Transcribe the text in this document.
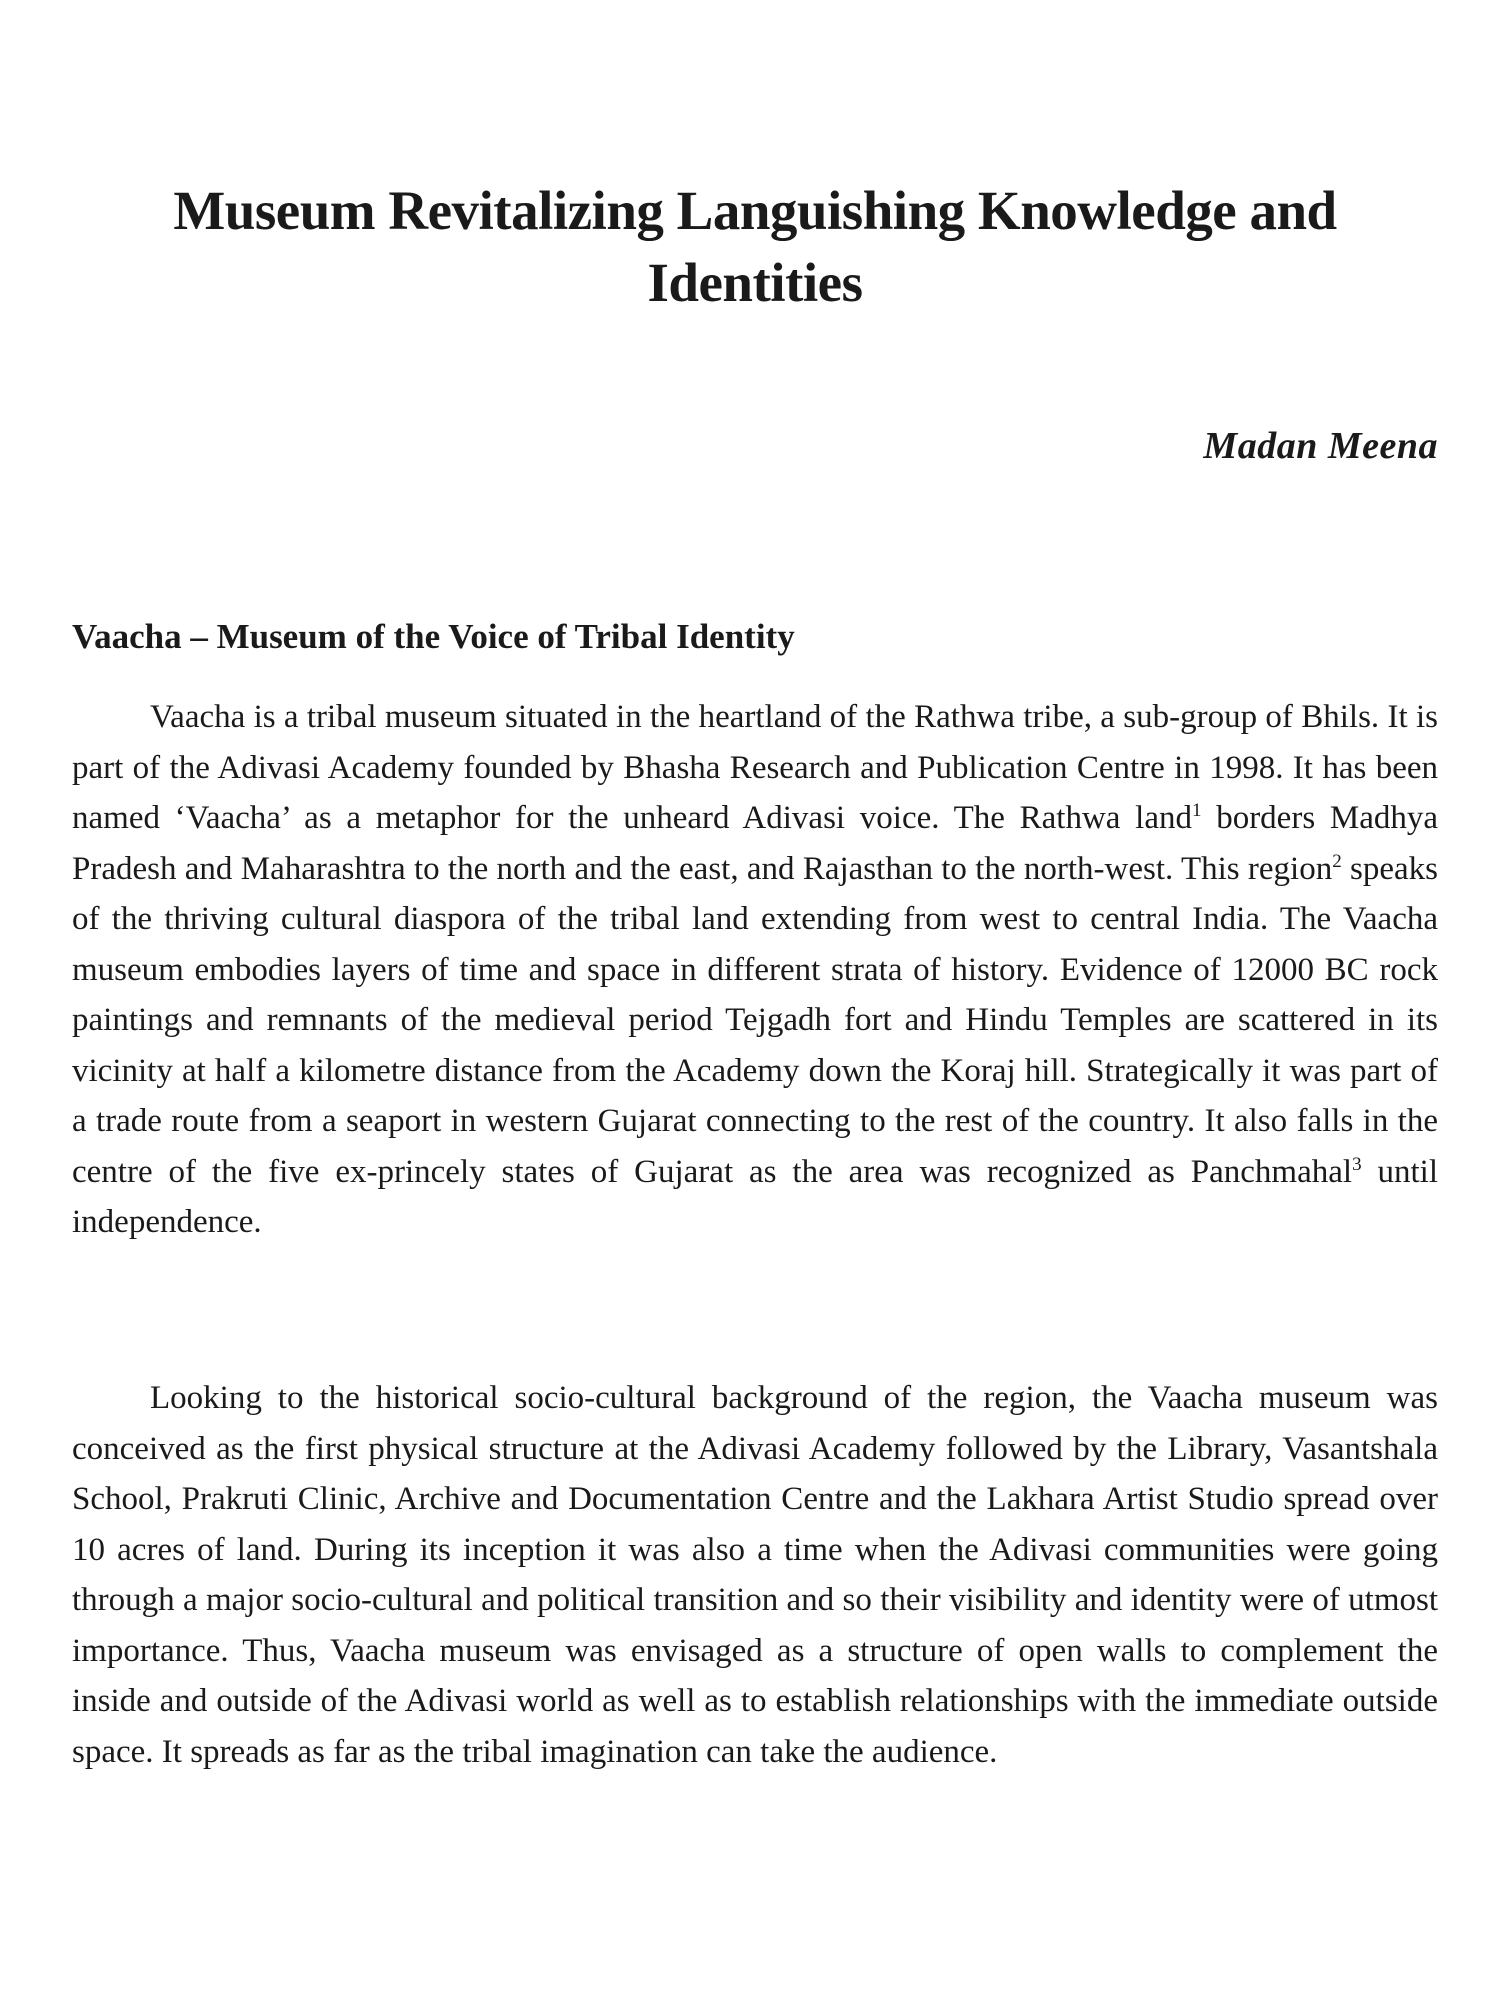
Museum Revitalizing Languishing Knowledge and Identities

Madan Meena

Vaacha – Museum of the Voice of Tribal Identity

Vaacha is a tribal museum situated in the heartland of the Rathwa tribe, a sub-group of Bhils. It is part of the Adivasi Academy founded by Bhasha Research and Publication Centre in 1998. It has been named ‘Vaacha’ as a metaphor for the unheard Adivasi voice. The Rathwa land$^1$ borders Madhya Pradesh and Maharashtra to the north and the east, and Rajasthan to the north-west. This region$^2$ speaks of the thriving cultural diaspora of the tribal land extending from west to central India. The Vaacha museum embodies layers of time and space in different strata of history. Evidence of 12000 BC rock paintings and remnants of the medieval period Tejgadh fort and Hindu Temples are scattered in its vicinity at half a kilometre distance from the Academy down the Koraj hill. Strategically it was part of a trade route from a seaport in western Gujarat connecting to the rest of the country. It also falls in the centre of the five ex-princely states of Gujarat as the area was recognized as Panchmahal$^3$ until independence.

Looking to the historical socio-cultural background of the region, the Vaacha museum was conceived as the first physical structure at the Adivasi Academy followed by the Library, Vasantshala School, Prakruti Clinic, Archive and Documentation Centre and the Lakhara Artist Studio spread over 10 acres of land. During its inception it was also a time when the Adivasi communities were going through a major socio-cultural and political transition and so their visibility and identity were of utmost importance. Thus, Vaacha museum was envisaged as a structure of open walls to complement the inside and outside of the Adivasi world as well as to establish relationships with the immediate outside space. It spreads as far as the tribal imagination can take the audience.
